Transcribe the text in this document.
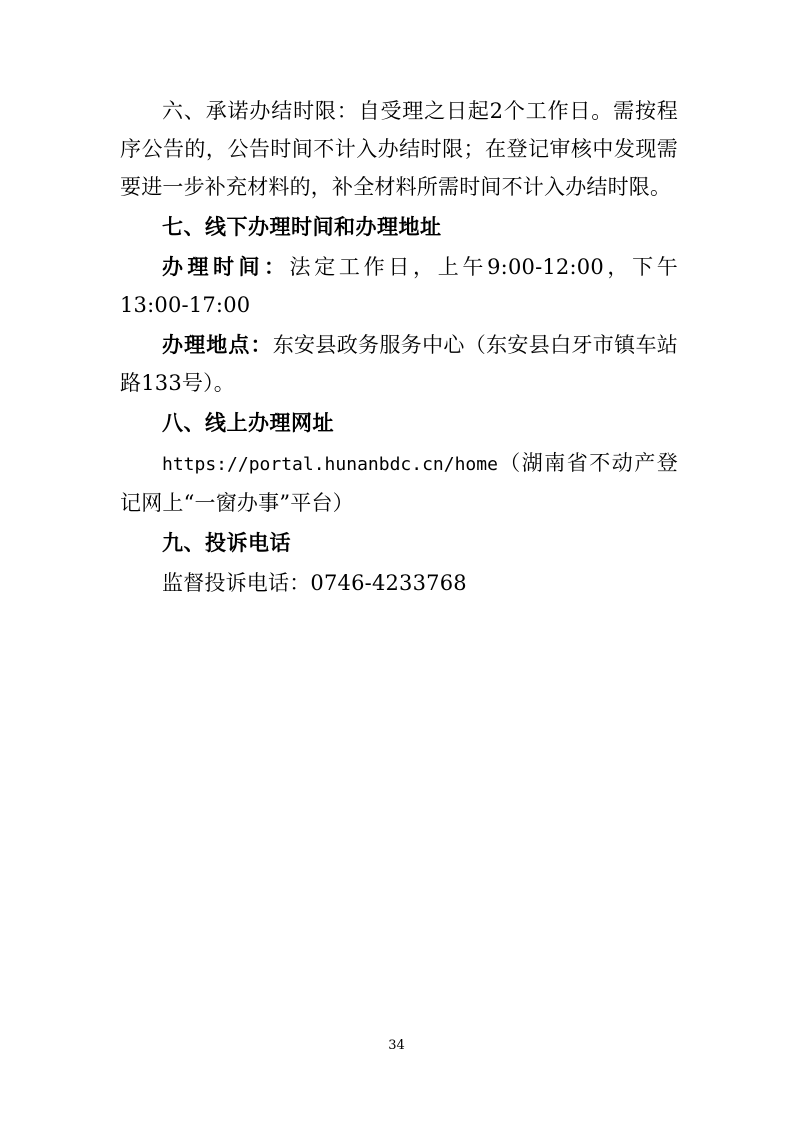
六、承诺办结时限：自受理之日起2个工作日。需按程序公告的，公告时间不计入办结时限；在登记审核中发现需要进一步补充材料的，补全材料所需时间不计入办结时限。

七、线下办理时间和办理地址

办理时间：法定工作日，上午9:00-12:00，下午13:00-17:00

办理地点：东安县政务服务中心（东安县白牙市镇车站路133号）。

八、线上办理网址

https://portal.hunanbdc.cn/home（湖南省不动产登记网上“一窗办事”平台）

九、投诉电话

监督投诉电话：0746-4233768

34
